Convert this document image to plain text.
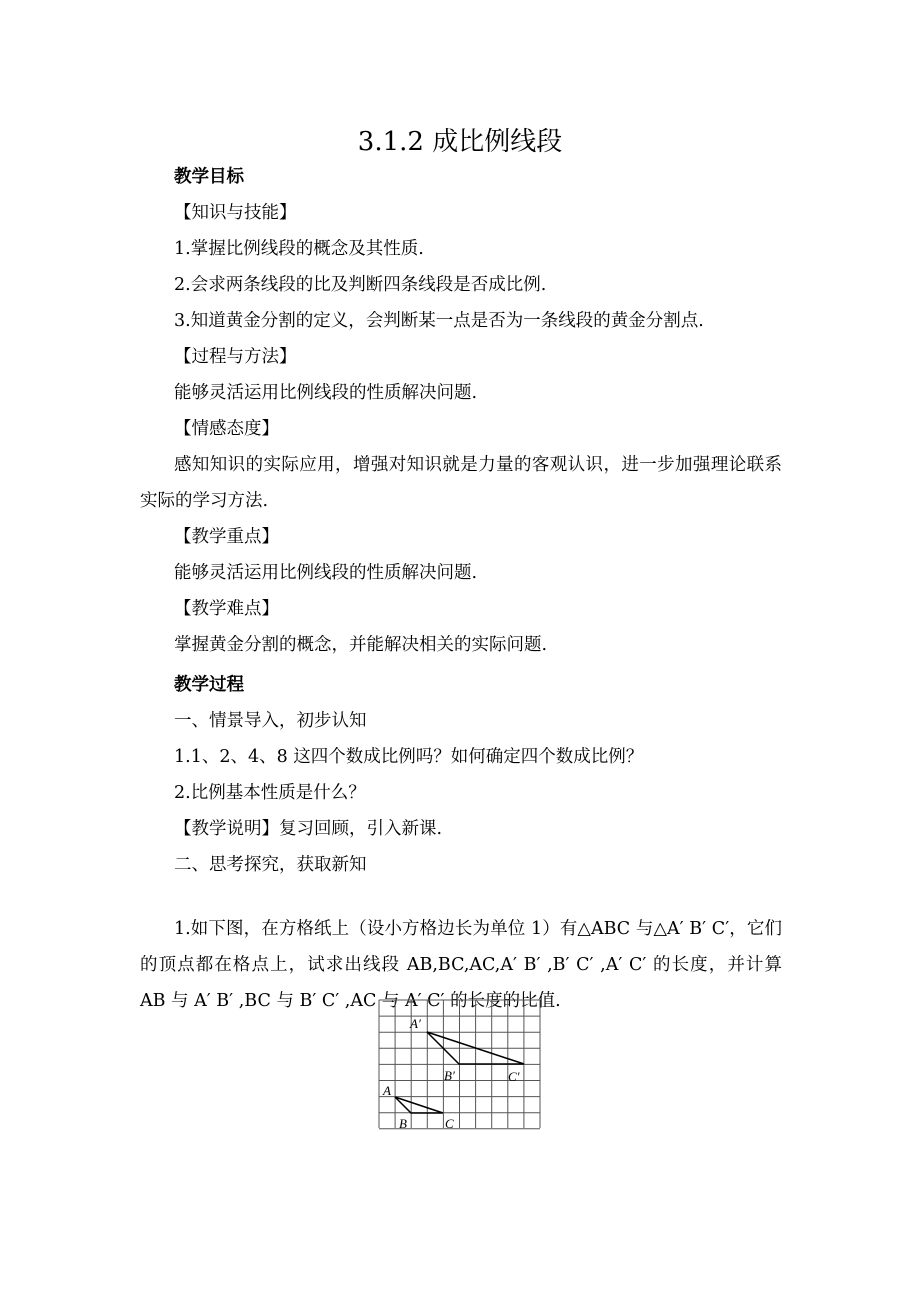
3.1.2 成比例线段
教学目标
【知识与技能】
1.掌握比例线段的概念及其性质.
2.会求两条线段的比及判断四条线段是否成比例.
3.知道黄金分割的定义，会判断某一点是否为一条线段的黄金分割点.
【过程与方法】
能够灵活运用比例线段的性质解决问题.
【情感态度】
感知知识的实际应用，增强对知识就是力量的客观认识，进一步加强理论联系实际的学习方法.
【教学重点】
能够灵活运用比例线段的性质解决问题.
【教学难点】
掌握黄金分割的概念，并能解决相关的实际问题.
教学过程
一、情景导入，初步认知
1.1、2、4、8 这四个数成比例吗？如何确定四个数成比例？
2.比例基本性质是什么？
【教学说明】复习回顾，引入新课.
二、思考探究，获取新知
1.如下图，在方格纸上（设小方格边长为单位 1）有△ABC 与△A′ B′ C′，它们的顶点都在格点上，试求出线段 AB,BC,AC,A′ B′ ,B′ C′ ,A′ C′ 的长度，并计算 AB 与 A′ B′ ,BC 与 B′ C′ ,AC 与 A′ C′ 的长度的比值.
A′
B′	C′
A
B	C
